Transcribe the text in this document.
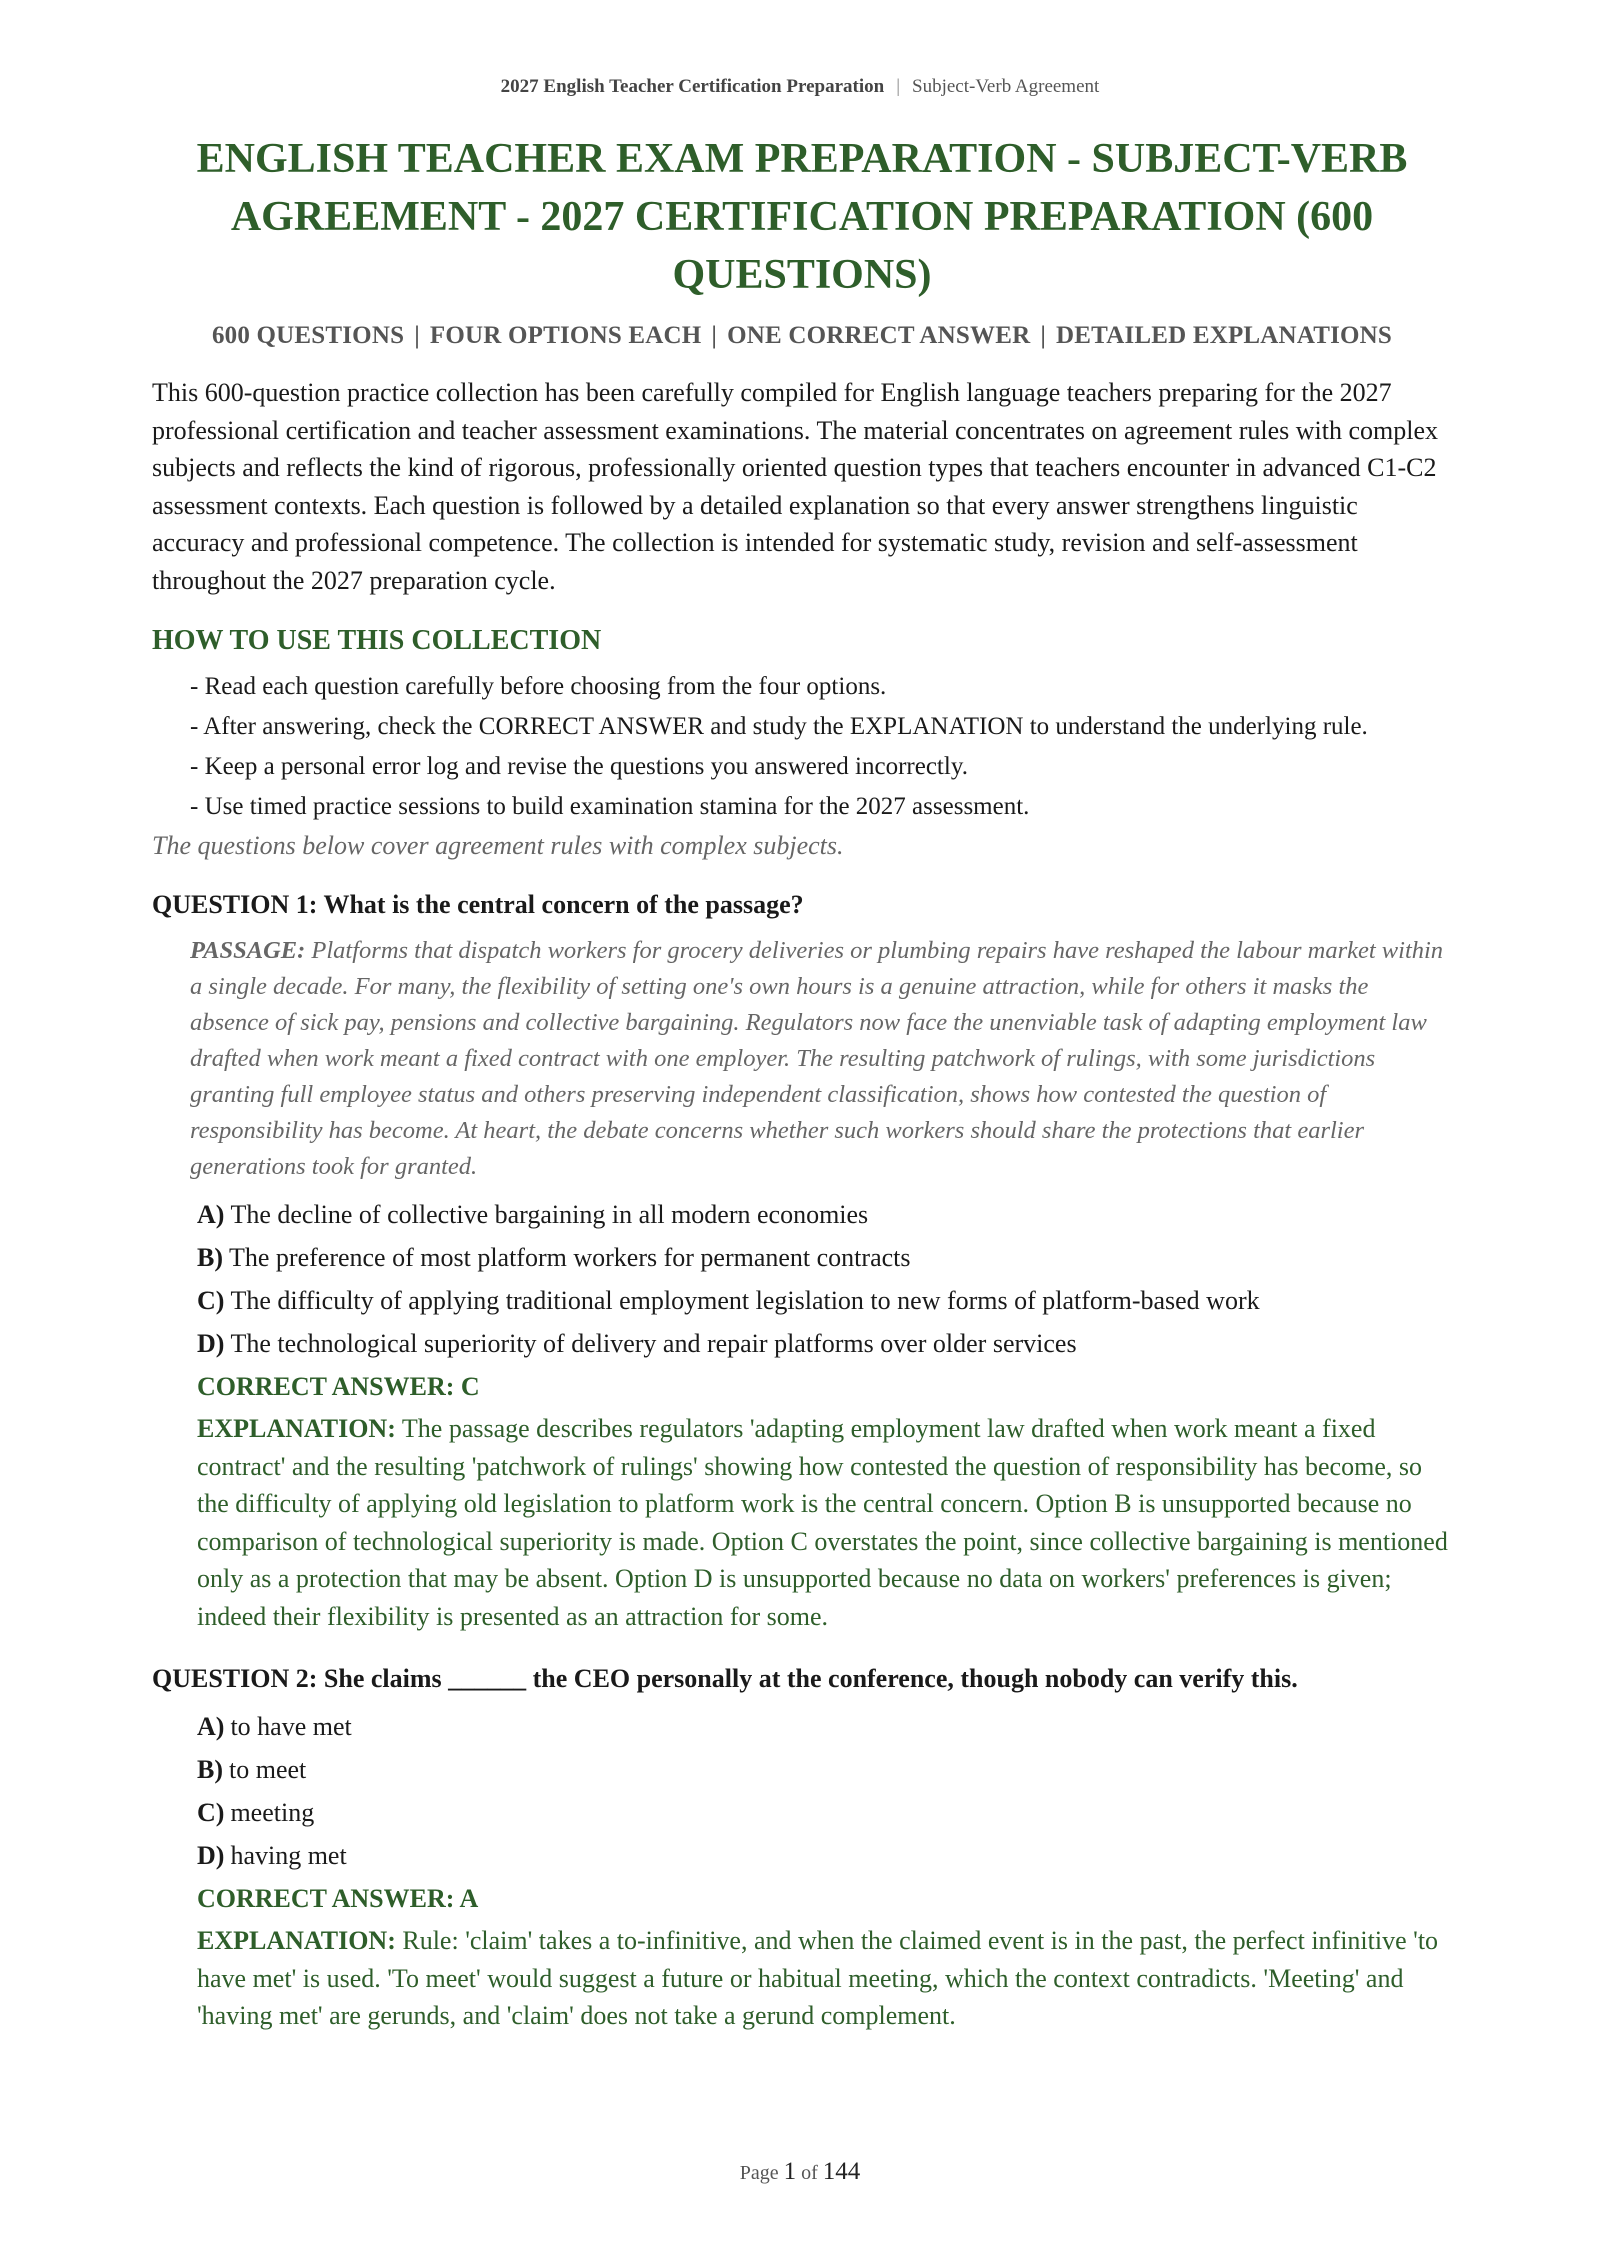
2027 English Teacher Certification Preparation | Subject-Verb Agreement
ENGLISH TEACHER EXAM PREPARATION - SUBJECT-VERB AGREEMENT - 2027 CERTIFICATION PREPARATION (600 QUESTIONS)
600 QUESTIONS | FOUR OPTIONS EACH | ONE CORRECT ANSWER | DETAILED EXPLANATIONS

This 600-question practice collection has been carefully compiled for English language teachers preparing for the 2027 professional certification and teacher assessment examinations. The material concentrates on agreement rules with complex subjects and reflects the kind of rigorous, professionally oriented question types that teachers encounter in advanced C1-C2 assessment contexts. Each question is followed by a detailed explanation so that every answer strengthens linguistic accuracy and professional competence. The collection is intended for systematic study, revision and self-assessment throughout the 2027 preparation cycle.

HOW TO USE THIS COLLECTION
- Read each question carefully before choosing from the four options.
- After answering, check the CORRECT ANSWER and study the EXPLANATION to understand the underlying rule.
- Keep a personal error log and revise the questions you answered incorrectly.
- Use timed practice sessions to build examination stamina for the 2027 assessment.
The questions below cover agreement rules with complex subjects.
QUESTION 1: What is the central concern of the passage?
PASSAGE: Platforms that dispatch workers for grocery deliveries or plumbing repairs have reshaped the labour market within a single decade. For many, the flexibility of setting one's own hours is a genuine attraction, while for others it masks the absence of sick pay, pensions and collective bargaining. Regulators now face the unenviable task of adapting employment law drafted when work meant a fixed contract with one employer. The resulting patchwork of rulings, with some jurisdictions granting full employee status and others preserving independent classification, shows how contested the question of responsibility has become. At heart, the debate concerns whether such workers should share the protections that earlier generations took for granted.
A) The decline of collective bargaining in all modern economies
B) The preference of most platform workers for permanent contracts
C) The difficulty of applying traditional employment legislation to new forms of platform-based work
D) The technological superiority of delivery and repair platforms over older services
CORRECT ANSWER: C
EXPLANATION: The passage describes regulators 'adapting employment law drafted when work meant a fixed contract' and the resulting 'patchwork of rulings' showing how contested the question of responsibility has become, so the difficulty of applying old legislation to platform work is the central concern. Option B is unsupported because no comparison of technological superiority is made. Option C overstates the point, since collective bargaining is mentioned only as a protection that may be absent. Option D is unsupported because no data on workers' preferences is given; indeed their flexibility is presented as an attraction for some.
QUESTION 2: She claims ______ the CEO personally at the conference, though nobody can verify this.
A) to have met
B) to meet
C) meeting
D) having met
CORRECT ANSWER: A
EXPLANATION: Rule: 'claim' takes a to-infinitive, and when the claimed event is in the past, the perfect infinitive 'to have met' is used. 'To meet' would suggest a future or habitual meeting, which the context contradicts. 'Meeting' and 'having met' are gerunds, and 'claim' does not take a gerund complement.
Page 1 of 144
